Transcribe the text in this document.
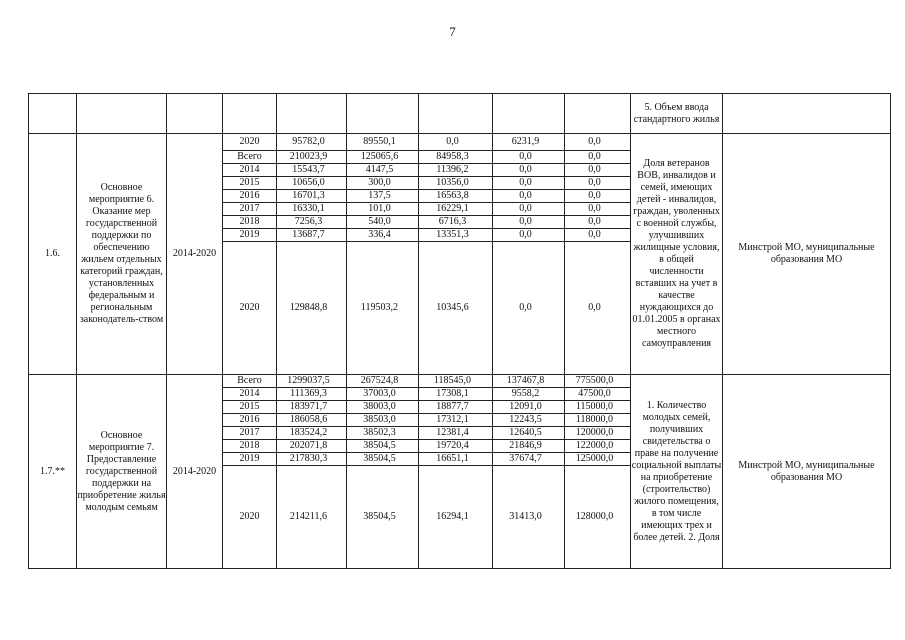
7
									5. Объем ввода стандартного жилья	
1.6.	Основное мероприятие 6. Оказание мер государственной поддержки по обеспечению жильем отдельных категорий граждан, установленных федеральным и региональным законодатель-ством	2014-2020	2020	95782,0	89550,1	0,0	6231,9	0,0	Доля ветеранов ВОВ, инвалидов и семей, имеющих детей - инвалидов, граждан, уволенных с военной службы, улучшивших жилищные условия, в общей численности вставших на учет в качестве нуждающихся до 01.01.2005 в органах местного самоуправления	Минстрой МО, муниципальные образования МО
			Всего	210023,9	125065,6	84958,3	0,0	0,0		
			2014	15543,7	4147,5	11396,2	0,0	0,0		
			2015	10656,0	300,0	10356,0	0,0	0,0		
			2016	16701,3	137,5	16563,8	0,0	0,0		
			2017	16330,1	101,0	16229,1	0,0	0,0		
			2018	7256,3	540,0	6716,3	0,0	0,0		
			2019	13687,7	336,4	13351,3	0,0	0,0		
			2020	129848,8	119503,2	10345,6	0,0	0,0		
1.7.**	Основное мероприятие 7. Предоставление государственной поддержки на приобретение жилья молодым семьям	2014-2020	Всего	1299037,5	267524,8	118545,0	137467,8	775500,0	1. Количество молодых семей, получивших свидетельства о праве на получение социальной выплаты на приобретение (строительство) жилого помещения, в том числе имеющих трех и более детей. 2. Доля	Минстрой МО, муниципальные образования МО
			2014	111369,3	37003,0	17308,1	9558,2	47500,0		
			2015	183971,7	38003,0	18877,7	12091,0	115000,0		
			2016	186058,6	38503,0	17312,1	12243,5	118000,0		
			2017	183524,2	38502,3	12381,4	12640,5	120000,0		
			2018	202071,8	38504,5	19720,4	21846,9	122000,0		
			2019	217830,3	38504,5	16651,1	37674,7	125000,0		
			2020	214211,6	38504,5	16294,1	31413,0	128000,0		
